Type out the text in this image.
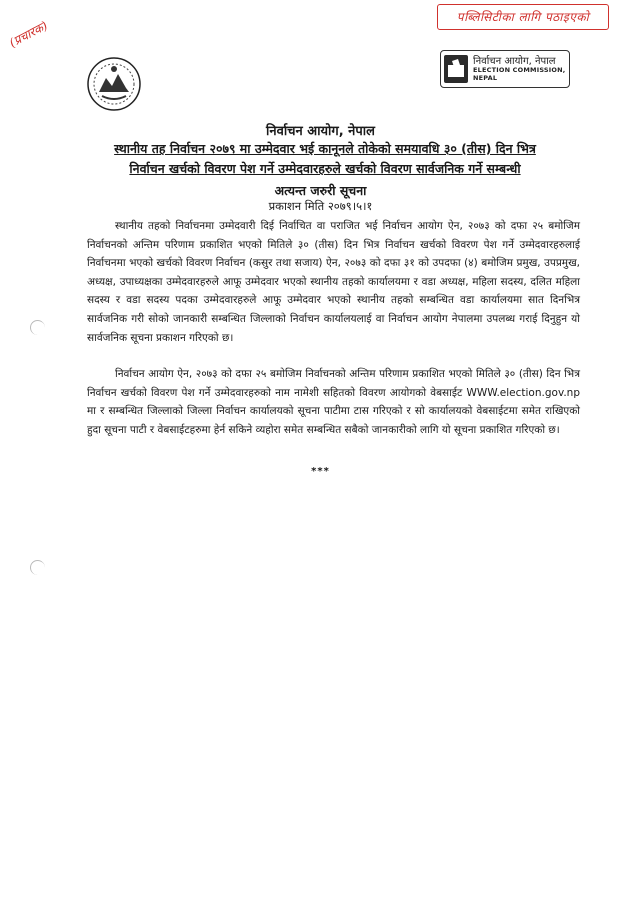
पब्लिसिटीका लागि पठाइएको
(प्रचारक)
निर्वाचन आयोग, नेपाल
ELECTION COMMISSION, NEPAL
निर्वाचन आयोग, नेपाल
स्थानीय तह निर्वाचन २०७९ मा उम्मेदवार भई कानूनले तोकेको समयावधि ३० (तीस) दिन भित्र
निर्वाचन खर्चको विवरण पेश गर्ने उम्मेदवारहरुले खर्चको विवरण सार्वजनिक गर्ने सम्बन्धी
अत्यन्त जरुरी सूचना
प्रकाशन मिति २०७९।५।१

स्थानीय तहको निर्वाचनमा उम्मेदवारी दिई निर्वाचित वा पराजित भई निर्वाचन आयोग ऐन, २०७३ को दफा २५ बमोजिम निर्वाचनको अन्तिम परिणाम प्रकाशित भएको मितिले ३० (तीस) दिन भित्र निर्वाचन खर्चको विवरण पेश गर्ने उम्मेदवारहरुलाई निर्वाचनमा भएको खर्चको विवरण निर्वाचन (कसुर तथा सजाय) ऐन, २०७३ को दफा ३१ को उपदफा (४) बमोजिम प्रमुख, उपप्रमुख, अध्यक्ष, उपाध्यक्षका उम्मेदवारहरुले आफू उम्मेदवार भएको स्थानीय तहको कार्यालयमा र वडा अध्यक्ष, महिला सदस्य, दलित महिला सदस्य र वडा सदस्य पदका उम्मेदवारहरुले आफू उम्मेदवार भएको स्थानीय तहको सम्बन्धित वडा कार्यालयमा सात दिनभित्र सार्वजनिक गरी सोको जानकारी सम्बन्धित जिल्लाको निर्वाचन कार्यालयलाई वा निर्वाचन आयोग नेपालमा उपलब्ध गराई दिनुहुन यो सार्वजनिक सूचना प्रकाशन गरिएको छ।

निर्वाचन आयोग ऐन, २०७३ को दफा २५ बमोजिम निर्वाचनको अन्तिम परिणाम प्रकाशित भएको मितिले ३० (तीस) दिन भित्र निर्वाचन खर्चको विवरण पेश गर्ने उम्मेदवारहरुको नाम नामेशी सहितको विवरण आयोगको वेबसाईट WWW.election.gov.np मा र सम्बन्धित जिल्लाको जिल्ला निर्वाचन कार्यालयको सूचना पाटीमा टास गरिएको र सो कार्यालयको वेबसाईटमा समेत राखिएको हुदा सूचना पाटी र वेबसाईटहरुमा हेर्न सकिने व्यहोरा समेत सम्बन्धित सबैको जानकारीको लागि यो सूचना प्रकाशित गरिएको छ।

***
